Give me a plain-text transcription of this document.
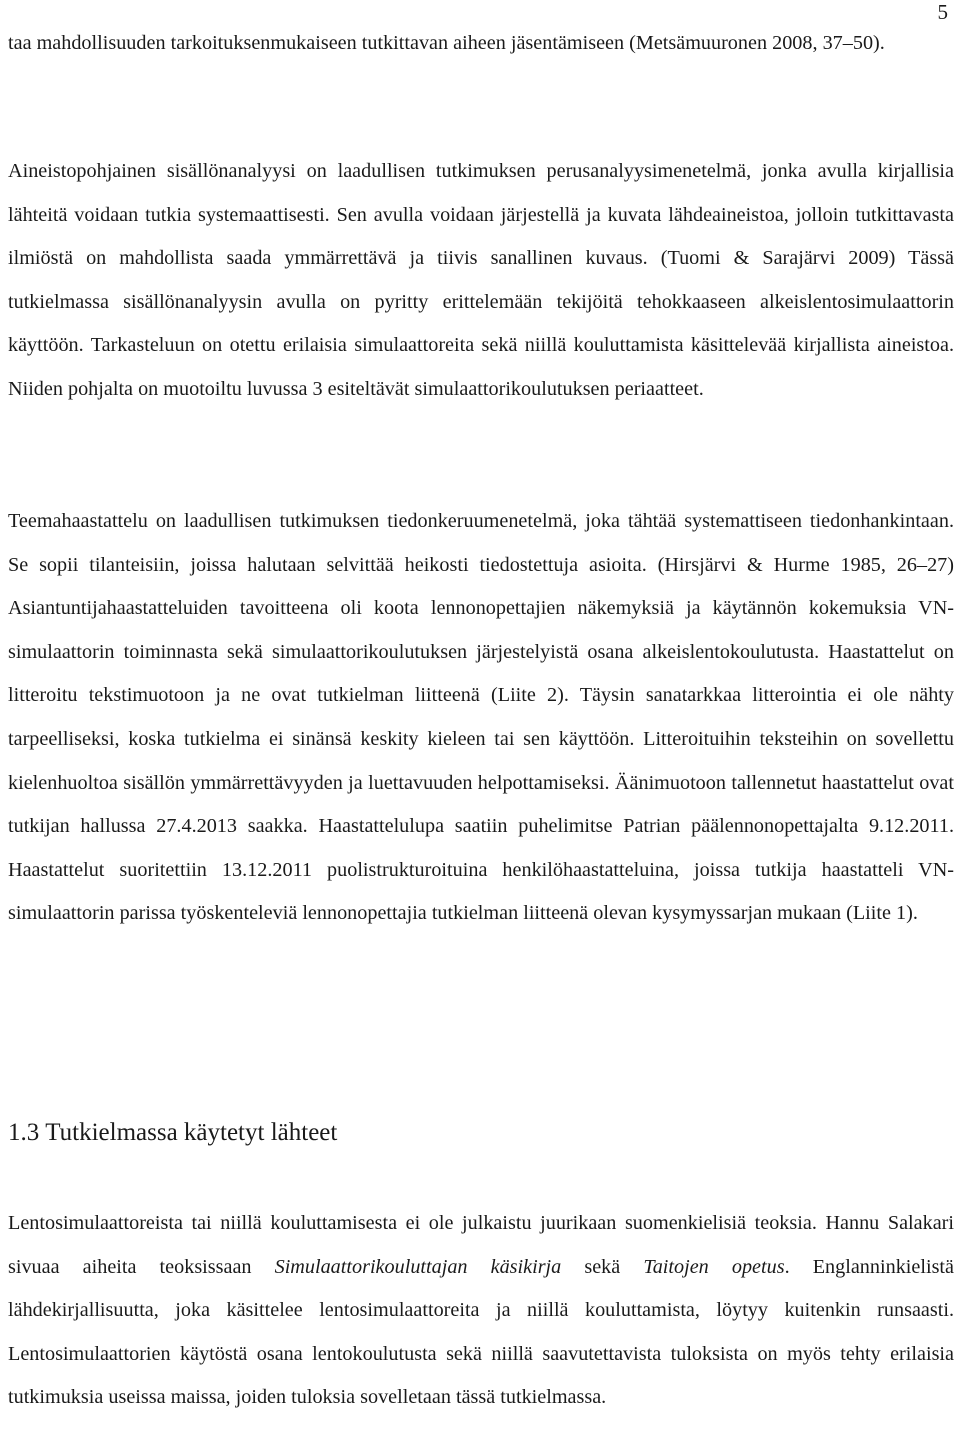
5

taa mahdollisuuden tarkoituksenmukaiseen tutkittavan aiheen jäsentämiseen (Metsämuuronen 2008, 37–50).

Aineistopohjainen sisällönanalyysi on laadullisen tutkimuksen perusanalyysimenetelmä, jonka avulla kirjallisia lähteitä voidaan tutkia systemaattisesti. Sen avulla voidaan järjestellä ja kuvata lähdeaineistoa, jolloin tutkittavasta ilmiöstä on mahdollista saada ymmärrettävä ja tiivis sanallinen kuvaus. (Tuomi & Sarajärvi 2009) Tässä tutkielmassa sisällönanalyysin avulla on pyritty erittelemään tekijöitä tehokkaaseen alkeislentosimulaattorin käyttöön. Tarkasteluun on otettu erilaisia simulaattoreita sekä niillä kouluttamista käsittelevää kirjallista aineistoa. Niiden pohjalta on muotoiltu luvussa 3 esiteltävät simulaattorikoulutuksen periaatteet.

Teemahaastattelu on laadullisen tutkimuksen tiedonkeruumenetelmä, joka tähtää systemattiseen tiedonhankintaan. Se sopii tilanteisiin, joissa halutaan selvittää heikosti tiedostettuja asioita. (Hirsjärvi & Hurme 1985, 26–27) Asiantuntijahaastatteluiden tavoitteena oli koota lennonopettajien näkemyksiä ja käytännön kokemuksia VN-simulaattorin toiminnasta sekä simulaattorikoulutuksen järjestelyistä osana alkeislentokoulutusta. Haastattelut on litteroitu tekstimuotoon ja ne ovat tutkielman liitteenä (Liite 2). Täysin sanatarkkaa litterointia ei ole nähty tarpeelliseksi, koska tutkielma ei sinänsä keskity kieleen tai sen käyttöön. Litteroituihin teksteihin on sovellettu kielenhuoltoa sisällön ymmärrettävyyden ja luettavuuden helpottamiseksi. Äänimuotoon tallennetut haastattelut ovat tutkijan hallussa 27.4.2013 saakka. Haastattelulupa saatiin puhelimitse Patrian päälennonopettajalta 9.12.2011. Haastattelut suoritettiin 13.12.2011 puolistrukturoituina henkilöhaastatteluina, joissa tutkija haastatteli VN-simulaattorin parissa työskenteleviä lennonopettajia tutkielman liitteenä olevan kysymyssarjan mukaan (Liite 1).

1.3 Tutkielmassa käytetyt lähteet

Lentosimulaattoreista tai niillä kouluttamisesta ei ole julkaistu juurikaan suomenkielisiä teoksia. Hannu Salakari sivuaa aiheita teoksissaan Simulaattorikouluttajan käsikirja sekä Taitojen opetus. Englanninkielistä lähdekirjallisuutta, joka käsittelee lentosimulaattoreita ja niillä kouluttamista, löytyy kuitenkin runsaasti. Lentosimulaattorien käytöstä osana lentokoulutusta sekä niillä saavutettavista tuloksista on myös tehty erilaisia tutkimuksia useissa maissa, joiden tuloksia sovelletaan tässä tutkielmassa.
